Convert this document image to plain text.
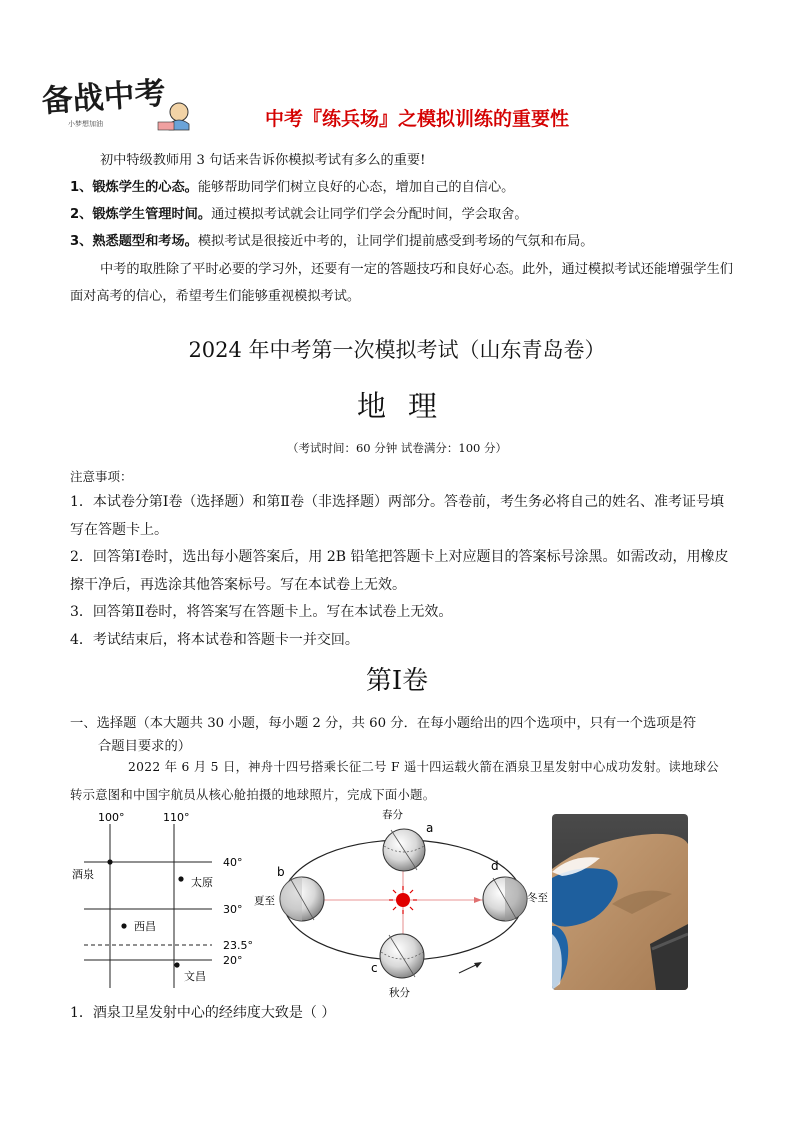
备战中考
小梦想加油	中考『练兵场』之模拟训练的重要性
初中特级教师用 3 句话来告诉你模拟考试有多么的重要!
1、锻炼学生的心态。能够帮助同学们树立良好的心态，增加自己的自信心。
2、锻炼学生管理时间。通过模拟考试就会让同学们学会分配时间，学会取舍。
3、熟悉题型和考场。模拟考试是很接近中考的，让同学们提前感受到考场的气氛和布局。
中考的取胜除了平时必要的学习外，还要有一定的答题技巧和良好心态。此外，通过模拟考试还能增强学生们面对高考的信心，希望考生们能够重视模拟考试。
2024 年中考第一次模拟考试（山东青岛卷）
地理
（考试时间：60 分钟 试卷满分：100 分）
注意事项：
1．本试卷分第Ⅰ卷（选择题）和第Ⅱ卷（非选择题）两部分。答卷前，考生务必将自己的姓名、准考证号填写在答题卡上。
2．回答第Ⅰ卷时，选出每小题答案后，用 2B 铅笔把答题卡上对应题目的答案标号涂黑。如需改动，用橡皮擦干净后，再选涂其他答案标号。写在本试卷上无效。
3．回答第Ⅱ卷时，将答案写在答题卡上。写在本试卷上无效。
4．考试结束后，将本试卷和答题卡一并交回。
第Ⅰ卷
一、选择题（本大题共 30 小题，每小题 2 分，共 60 分．在每小题给出的四个选项中，只有一个选项是符
合题目要求的）
2022 年 6 月 5 日，神舟十四号搭乘长征二号 F 遥十四运载火箭在酒泉卫星发射中心成功发射。读地球公转示意图和中国宇航员从核心舱拍摄的地球照片，完成下面小题。
100°	110°
40°
30°
23.5°
20°
酒泉
太原
西昌
文昌
春分
a
b
夏至
c
秋分
d
冬至
1．酒泉卫星发射中心的经纬度大致是（ ）
